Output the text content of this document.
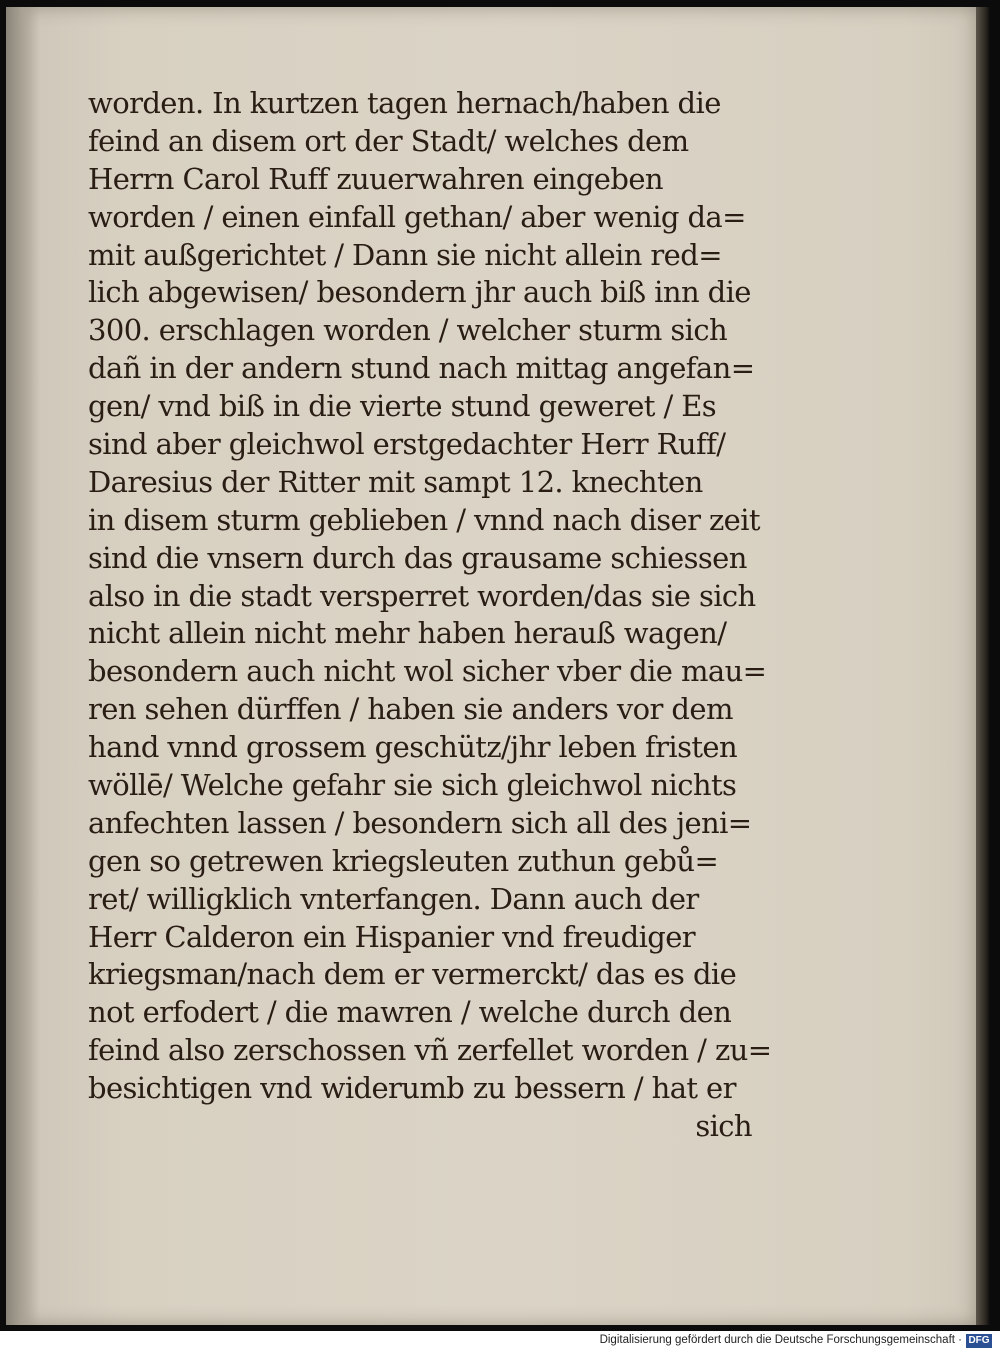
worden. In kurtzen tagen hernach/haben die
feind an disem ort der Stadt/ welches dem
Herrn Carol Ruff zuuerwahren eingeben
worden / einen einfall gethan/ aber wenig da=
mit außgerichtet / Dann sie nicht allein red=
lich abgewisen/ besondern jhr auch biß inn die
300. erschlagen worden / welcher sturm sich
dañ in der andern stund nach mittag angefan=
gen/ vnd biß in die vierte stund geweret / Es
sind aber gleichwol erstgedachter Herr Ruff/
Daresius der Ritter mit sampt 12. knechten
in disem sturm geblieben / vnnd nach diser zeit
sind die vnsern durch das grausame schiessen
also in die stadt versperret worden/das sie sich
nicht allein nicht mehr haben herauß wagen/
besondern auch nicht wol sicher vber die mau=
ren sehen dürffen / haben sie anders vor dem
hand vnnd grossem geschütz/jhr leben fristen
wöllē/ Welche gefahr sie sich gleichwol nichts
anfechten lassen / besondern sich all des jeni=
gen so getrewen kriegsleuten zuthun gebů=
ret/ willigklich vnterfangen. Dann auch der
Herr Calderon ein Hispanier vnd freudiger
kriegsman/nach dem er vermerckt/ das es die
not erfodert / die mawren / welche durch den
feind also zerschossen vñ zerfellet worden / zu=
besichtigen vnd widerumb zu bessern / hat er
sich
Digitalisierung gefördert durch die Deutsche Forschungsgemeinschaft · DFG
